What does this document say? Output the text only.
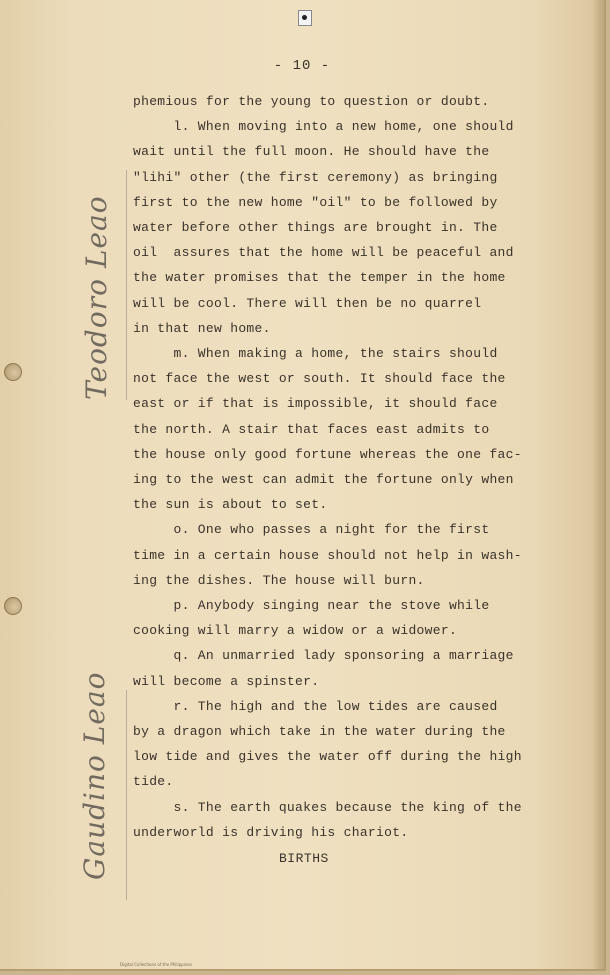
- 10 -
phemious for the young to question or doubt.
l. When moving into a new home, one should
wait until the full moon. He should have the
"lihi" other (the first ceremony) as bringing
first to the new home "oil" to be followed by
water before other things are brought in. The
oil  assures that the home will be peaceful and
the water promises that the temper in the home
will be cool. There will then be no quarrel
in that new home.
m. When making a home, the stairs should
not face the west or south. It should face the
east or if that is impossible, it should face
the north. A stair that faces east admits to
the house only good fortune whereas the one fac-
ing to the west can admit the fortune only when
the sun is about to set.
o. One who passes a night for the first
time in a certain house should not help in wash-
ing the dishes. The house will burn.
p. Anybody singing near the stove while
cooking will marry a widow or a widower.
q. An unmarried lady sponsoring a marriage
will become a spinster.
r. The high and the low tides are caused
by a dragon which take in the water during the
low tide and gives the water off during the high
tide.
s. The earth quakes because the king of the
underworld is driving his chariot.
BIRTHS
Teodoro Leao
Gaudino Leao
Digital Collections of the Philippines
